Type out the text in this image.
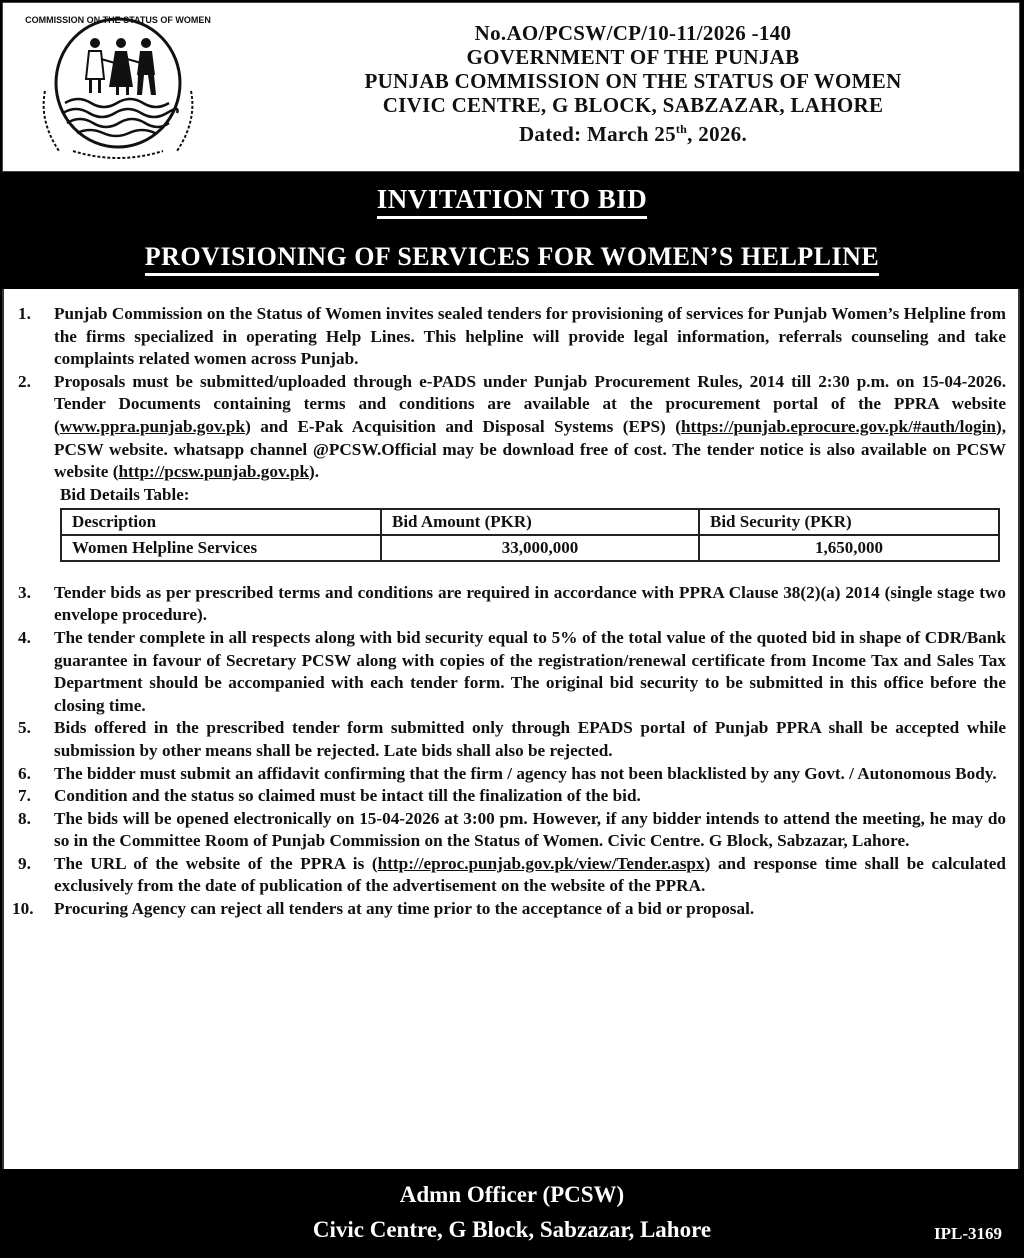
COMMISSION ON THE STATUS OF WOMEN
No.AO/PCSW/CP/10-11/2026 -140
GOVERNMENT OF THE PUNJAB
PUNJAB COMMISSION ON THE STATUS OF WOMEN
CIVIC CENTRE, G BLOCK, SABZAZAR, LAHORE
Dated: March 25th, 2026.
INVITATION TO BID
PROVISIONING OF SERVICES FOR WOMEN’S HELPLINE
1.	Punjab Commission on the Status of Women invites sealed tenders for provisioning of services for Punjab Women’s Helpline from the firms specialized in operating Help Lines. This helpline will provide legal information, referrals counseling and take complaints related women across Punjab.
2.	Proposals must be submitted/uploaded through e-PADS under Punjab Procurement Rules, 2014 till 2:30 p.m. on 15-04-2026. Tender Documents containing terms and conditions are available at the procurement portal of the PPRA website (www.ppra.punjab.gov.pk) and E-Pak Acquisition and Disposal Systems (EPS) (https://punjab.eprocure.gov.pk/#auth/login), PCSW website. whatsapp channel @PCSW.Official may be download free of cost. The tender notice is also available on PCSW website (http://pcsw.punjab.gov.pk).
Bid Details Table:
Description	Bid Amount (PKR)	Bid Security (PKR)
Women Helpline Services	33,000,000	1,650,000
3.	Tender bids as per prescribed terms and conditions are required in accordance with PPRA Clause 38(2)(a) 2014 (single stage two envelope procedure).
4.	The tender complete in all respects along with bid security equal to 5% of the total value of the quoted bid in shape of CDR/Bank guarantee in favour of Secretary PCSW along with copies of the registration/renewal certificate from Income Tax and Sales Tax Department should be accompanied with each tender form. The original bid security to be submitted in this office before the closing time.
5.	Bids offered in the prescribed tender form submitted only through EPADS portal of Punjab PPRA shall be accepted while submission by other means shall be rejected. Late bids shall also be rejected.
6.	The bidder must submit an affidavit confirming that the firm / agency has not been blacklisted by any Govt. / Autonomous Body.
7.	Condition and the status so claimed must be intact till the finalization of the bid.
8.	The bids will be opened electronically on 15-04-2026 at 3:00 pm. However, if any bidder intends to attend the meeting, he may do so in the Committee Room of Punjab Commission on the Status of Women. Civic Centre. G Block, Sabzazar, Lahore.
9.	The URL of the website of the PPRA is (http://eproc.punjab.gov.pk/view/Tender.aspx) and response time shall be calculated exclusively from the date of publication of the advertisement on the website of the PPRA.
10.	Procuring Agency can reject all tenders at any time prior to the acceptance of a bid or proposal.
Admn Officer (PCSW)
Civic Centre, G Block, Sabzazar, Lahore	IPL-3169
